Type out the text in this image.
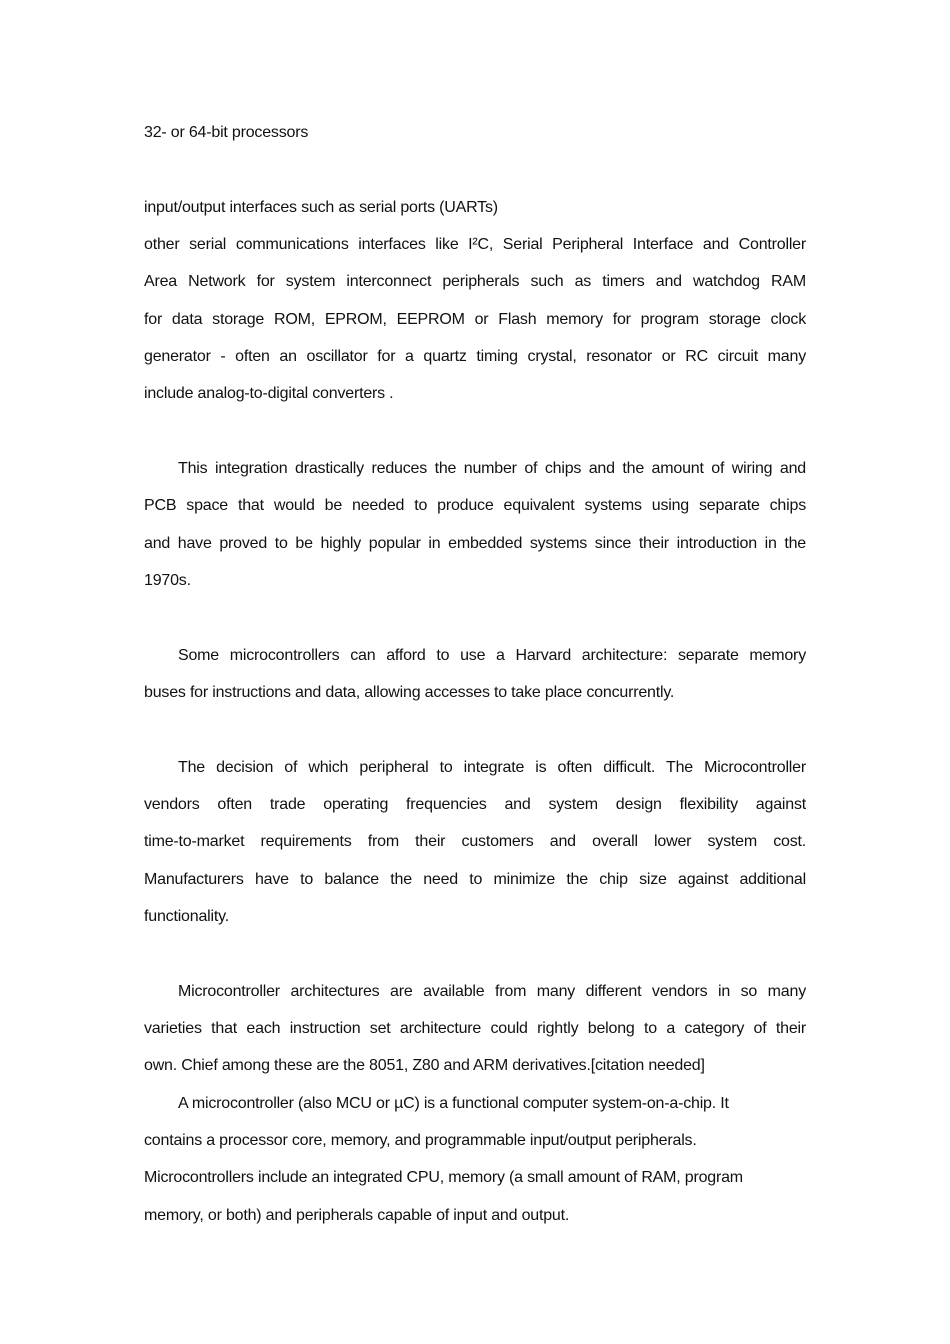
32- or 64-bit processors
input/output interfaces such as serial ports (UARTs)
other serial communications interfaces like I²C, Serial Peripheral Interface and Controller
Area Network for system interconnect peripherals such as timers and watchdog RAM
for data storage ROM, EPROM, EEPROM or Flash memory for program storage clock
generator - often an oscillator for a quartz timing crystal, resonator or RC circuit many
include analog-to-digital converters .
This integration drastically reduces the number of chips and the amount of wiring and
PCB space that would be needed to produce equivalent systems using separate chips
and have proved to be highly popular in embedded systems since their introduction in the
1970s.
Some microcontrollers can afford to use a Harvard architecture: separate memory
buses for instructions and data, allowing accesses to take place concurrently.
The decision of which peripheral to integrate is often difficult. The Microcontroller
vendors often trade operating frequencies and system design flexibility against
time-to-market requirements from their customers and overall lower system cost.
Manufacturers have to balance the need to minimize the chip size against additional
functionality.
Microcontroller architectures are available from many different vendors in so many
varieties that each instruction set architecture could rightly belong to a category of their
own. Chief among these are the 8051, Z80 and ARM derivatives.[citation needed]
A microcontroller (also MCU or µC) is a functional computer system-on-a-chip. It
contains a processor core, memory, and programmable input/output peripherals.
Microcontrollers include an integrated CPU, memory (a small amount of RAM, program
memory, or both) and peripherals capable of input and output.
